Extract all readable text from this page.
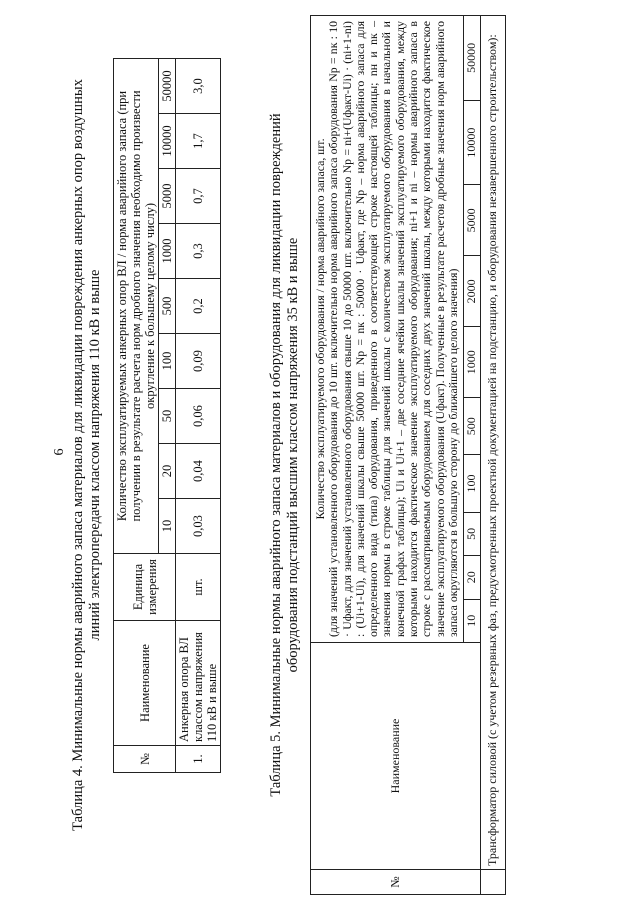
6 Таблица 4. Минимальные нормы аварийного запаса материалов для ликвидации повреждения анкерных опор воздушных линий электропередачи классом напряжения 110 кВ и выше
№	Наименование	Единица измерения	Количество эксплуатируемых анкерных опор ВЛ / норма аварийного запаса (при получении в результате расчета норм дробного значения необходимо произвести округление к большему целому числу)								
			10	20	50	100	500	1000	5000	10000	50000
1.	Анкерная опора ВЛ классом напряжения 110 кВ и выше	шт.	0,03	0,04	0,06	0,09	0,2	0,3	0,7	1,7	3,0
Таблица 5. Минимальные нормы аварийного запаса материалов и оборудования для ликвидации повреждений оборудования подстанций высшим классом напряжения 35 кВ и выше
№	Наименование	Количество эксплуатируемого оборудования / норма аварийного запаса, шт. (для значений установленного оборудования до 10 шт. включительно норма аварийного запаса оборудования Nр = nк : 10 · Uфакт, для значений установленного оборудования свыше 10 до 50000 шт. включительно Nр = ni+(Uфакт-Ui) · (ni+1-ni) : (Ui+1-Ui), для значений шкалы свыше 50000 шт. Nр = nк : 50000 · Uфакт, где Nр – норма аварийного запаса для определенного вида (типа) оборудования, приведенного в соответствующей строке настоящей таблицы; nн и nк – значения нормы в строке таблицы для значений шкалы с количеством эксплуатируемого оборудования в начальной и конечной графах таблицы); Ui и Ui+1 – две соседние ячейки шкалы значений эксплуатируемого оборудования, между которыми находится фактическое значение эксплуатируемого оборудования; ni+1 и ni – нормы аварийного запаса в строке с рассматриваемым оборудованием для соседних двух значений шкалы, между которыми находится фактическое значение эксплуатируемого оборудования (Uфакт). Полученные в результате расчетов дробные значения норм аварийного запаса округляются в большую сторону до ближайшего целого значения)									

		10	20	50	100	500	1000	2000	5000	10000	50000
	Трансформатор силовой (с учетом резервных фаз, предусмотренных проектной документацией на подстанцию, и оборудования незавершенного строительством):										
